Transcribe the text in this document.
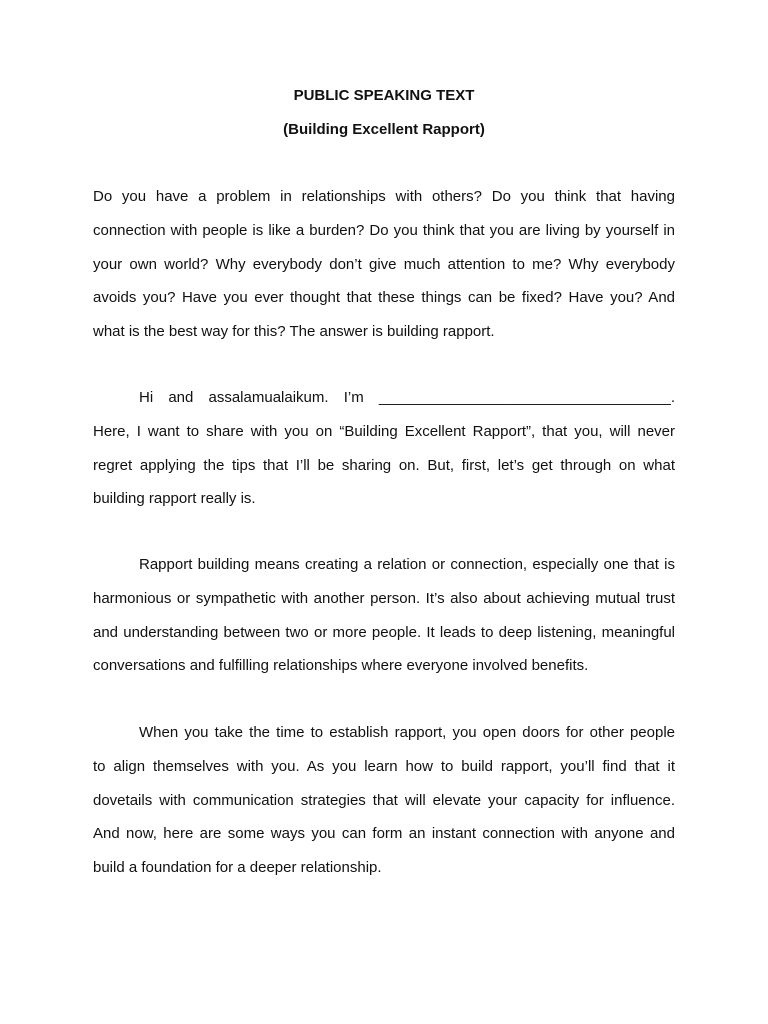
PUBLIC SPEAKING TEXT
(Building Excellent Rapport)
Do you have a problem in relationships with others? Do you think that having
connection with people is like a burden? Do you think that you are living by yourself in
your own world? Why everybody don’t give much attention to me? Why everybody
avoids you? Have you ever thought that these things can be fixed? Have you? And
what is the best way for this? The answer is building rapport.
Hi and assalamualaikum. I’m ___________________________________.
Here, I want to share with you on “Building Excellent Rapport”, that you, will never
regret applying the tips that I’ll be sharing on. But, first, let’s get through on what
building rapport really is.
Rapport building means creating a relation or connection, especially one that is
harmonious or sympathetic with another person. It’s also about achieving mutual trust
and understanding between two or more people. It leads to deep listening, meaningful
conversations and fulfilling relationships where everyone involved benefits.
When you take the time to establish rapport, you open doors for other people
to align themselves with you. As you learn how to build rapport, you’ll find that it
dovetails with communication strategies that will elevate your capacity for influence.
And now, here are some ways you can form an instant connection with anyone and
build a foundation for a deeper relationship.
